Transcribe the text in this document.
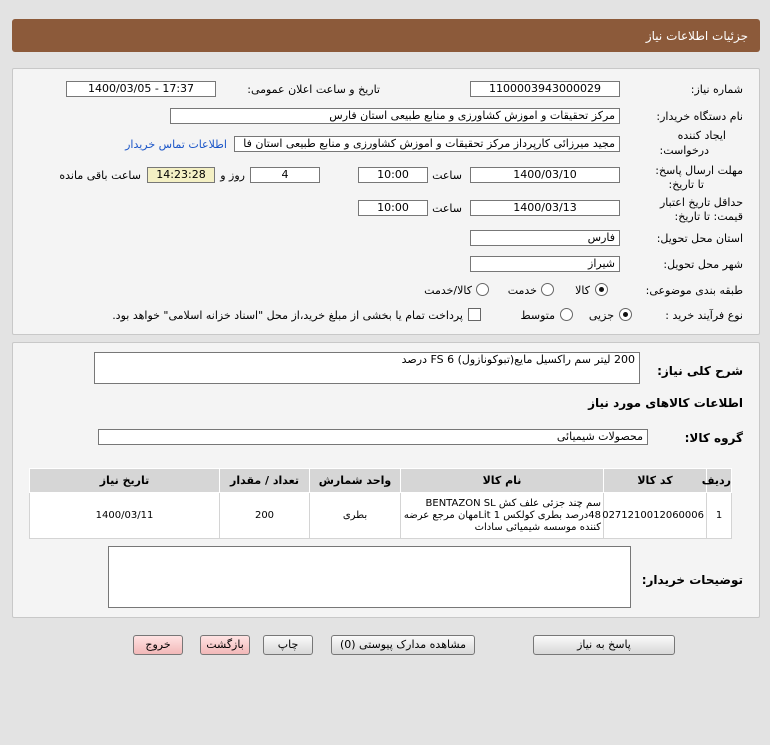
جزئیات اطلاعات نیاز
شماره نیاز:
1100003943000029
تاریخ و ساعت اعلان عمومی:
1400/03/05 - 17:37
نام دستگاه خریدار:
مرکز تحقیقات و اموزش کشاورزی و منابع طبیعی استان فارس
ایجاد کننده
درخواست:
مجید میرزائی کارپرداز مرکز تحقیقات و اموزش کشاورزی و منابع طبیعی استان فا
اطلاعات تماس خریدار
مهلت ارسال پاسخ:
تا تاریخ:
1400/03/10
ساعت
10:00
4
روز و
14:23:28
ساعت باقی مانده
حداقل تاریخ اعتبار
قیمت: تا تاریخ:
1400/03/13
ساعت
10:00
استان محل تحویل:
فارس
شهر محل تحویل:
شیراز
طبقه بندی موضوعی:
کالا
خدمت
کالا/خدمت
نوع فرآیند خرید :
جزیی
متوسط
پرداخت تمام یا بخشی از مبلغ خرید،از محل "اسناد خزانه اسلامی" خواهد بود.
شرح کلی نیاز:
200 لیتر سم راکسیل مایع(تبوکونازول) FS 6 درصد
اطلاعات کالاهای مورد نیاز
گروه کالا:
محصولات شیمیائی
ردیف	کد کالا	نام کالا	واحد شمارش	تعداد / مقدار	تاریخ نیاز
1	0271210012060006	سم چند جزئی علف کش BENTAZON SL 48درصد بطری کولکس Lit 1مهان مرجع عرضه کننده موسسه شیمیائی سادات	بطری	200	1400/03/11
توضیحات خریدار:
پاسخ به نیاز
مشاهده مدارک پیوستی (0)
چاپ
بازگشت
خروج
